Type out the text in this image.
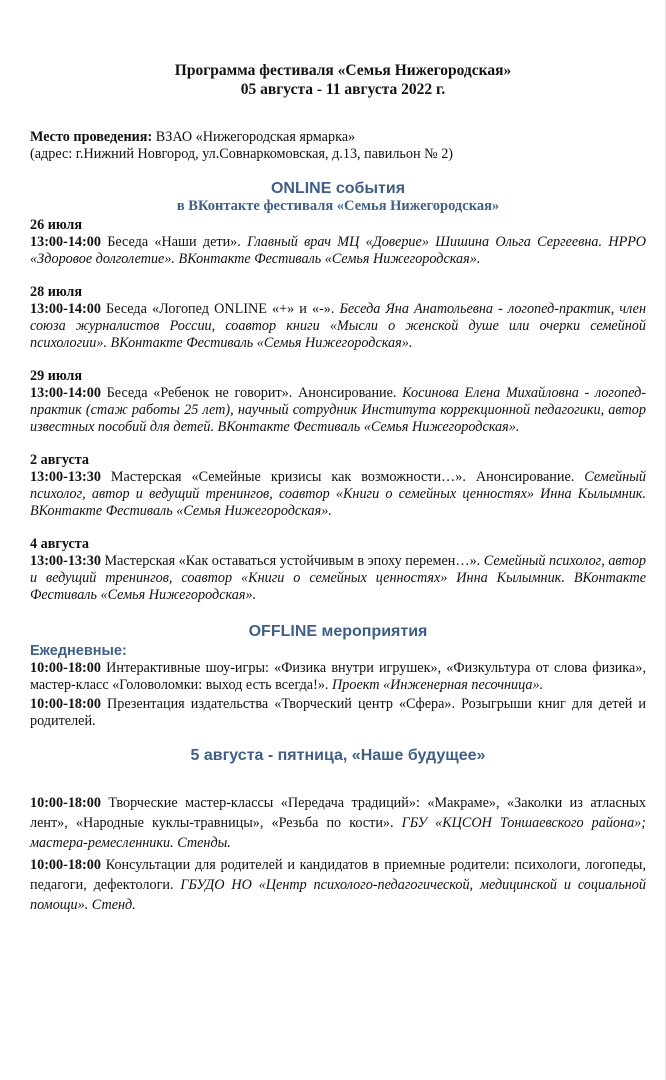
Программа фестиваля «Семья Нижегородская»
05 августа - 11 августа 2022 г.
Место проведения: ВЗАО «Нижегородская ярмарка»
(адрес: г.Нижний Новгород, ул.Совнаркомовская, д.13, павильон № 2)
ONLINE события
в ВКонтакте фестиваля «Семья Нижегородская»
26 июля
13:00-14:00 Беседа «Наши дети». Главный врач МЦ «Доверие» Шишина Ольга Сергеевна. НРРО «Здоровое долголетие». ВКонтакте Фестиваль «Семья Нижегородская».
28 июля
13:00-14:00 Беседа «Логопед ONLINE «+» и «-». Беседа Яна Анатольевна - логопед-практик, член союза журналистов России, соавтор книги «Мысли о женской душе или очерки семейной психологии». ВКонтакте Фестиваль «Семья Нижегородская».
29 июля
13:00-14:00 Беседа «Ребенок не говорит». Анонсирование. Косинова Елена Михайловна - логопед-практик (стаж работы 25 лет), научный сотрудник Института коррекционной педагогики, автор известных пособий для детей. ВКонтакте Фестиваль «Семья Нижегородская».
2 августа
13:00-13:30 Мастерская «Семейные кризисы как возможности…». Анонсирование. Семейный психолог, автор и ведущий тренингов, соавтор «Книги о семейных ценностях» Инна Кылымник. ВКонтакте Фестиваль «Семья Нижегородская».
4 августа
13:00-13:30 Мастерская «Как оставаться устойчивым в эпоху перемен…». Семейный психолог, автор и ведущий тренингов, соавтор «Книги о семейных ценностях» Инна Кылымник. ВКонтакте Фестиваль «Семья Нижегородская».
OFFLINE мероприятия
Ежедневные:
10:00-18:00 Интерактивные шоу-игры: «Физика внутри игрушек», «Физкультура от слова физика», мастер-класс «Головоломки: выход есть всегда!». Проект «Инженерная песочница».
10:00-18:00 Презентация издательства «Творческий центр «Сфера». Розыгрыши книг для детей и родителей.
5 августа - пятница, «Наше будущее»
10:00-18:00 Творческие мастер-классы «Передача традиций»: «Макраме», «Заколки из атласных лент», «Народные куклы-травницы», «Резьба по кости». ГБУ «КЦСОН Тоншаевского района»; мастера-ремесленники. Стенды.
10:00-18:00 Консультации для родителей и кандидатов в приемные родители: психологи, логопеды, педагоги, дефектологи. ГБУДО НО «Центр психолого-педагогической, медицинской и социальной помощи». Стенд.
